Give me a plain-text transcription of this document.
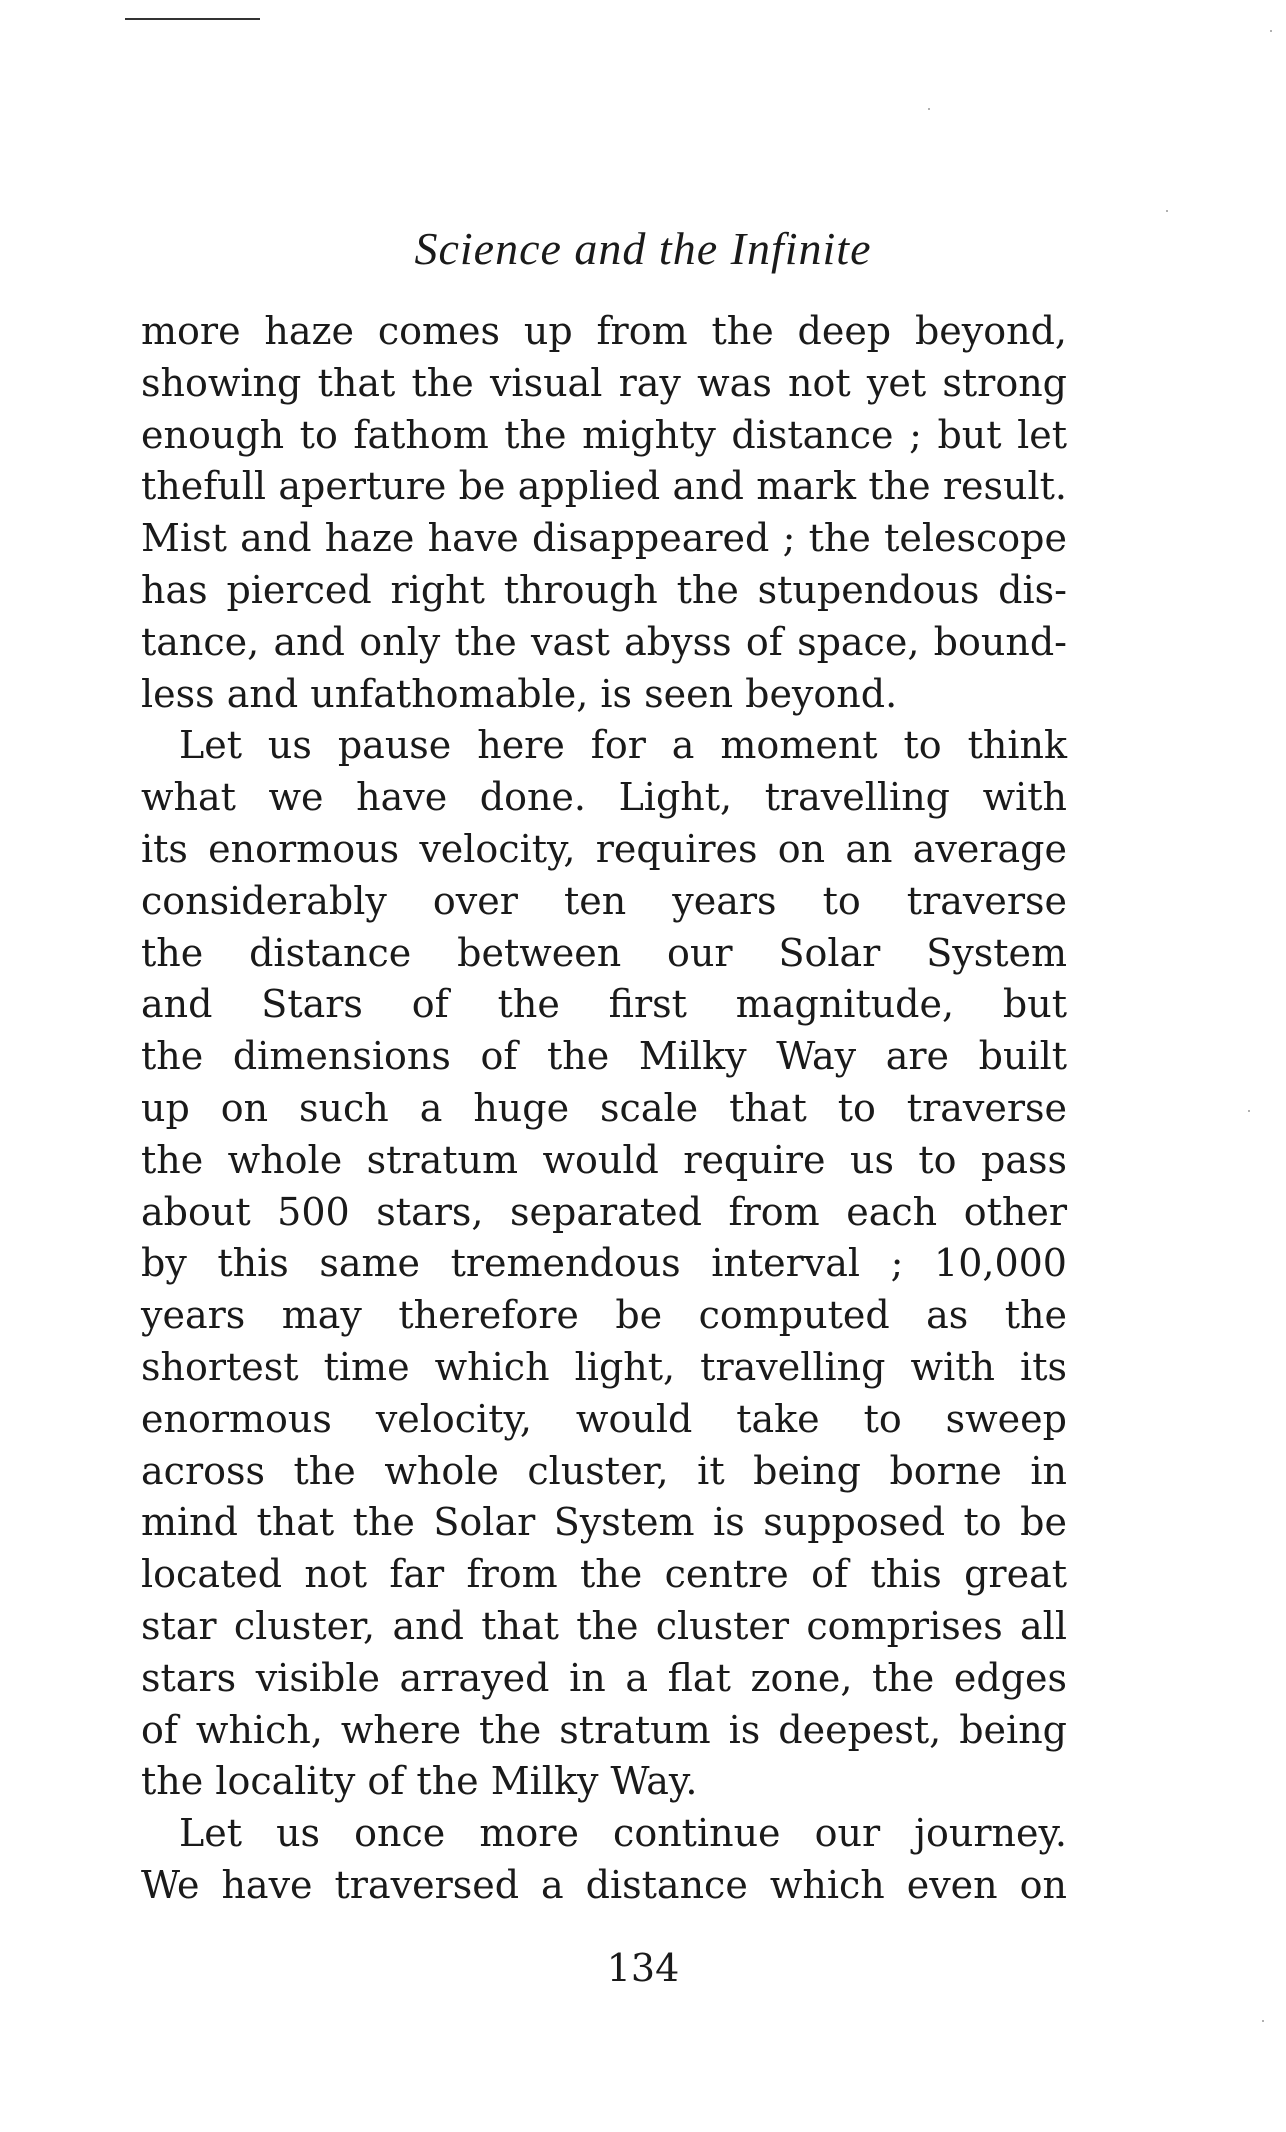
Science and the Infinite
more haze comes up from the deep beyond,
showing that the visual ray was not yet strong
enough to fathom the mighty distance ; but let
thefull aperture be applied and mark the result.
Mist and haze have disappeared ; the telescope
has pierced right through the stupendous dis-
tance, and only the vast abyss of space, bound-
less and unfathomable, is seen beyond.
Let us pause here for a moment to think
what we have done. Light, travelling with
its enormous velocity, requires on an average
considerably over ten years to traverse
the distance between our Solar System
and Stars of the first magnitude, but
the dimensions of the Milky Way are built
up on such a huge scale that to traverse
the whole stratum would require us to pass
about 500 stars, separated from each other
by this same tremendous interval ; 10,000
years may therefore be computed as the
shortest time which light, travelling with its
enormous velocity, would take to sweep
across the whole cluster, it being borne in
mind that the Solar System is supposed to be
located not far from the centre of this great
star cluster, and that the cluster comprises all
stars visible arrayed in a flat zone, the edges
of which, where the stratum is deepest, being
the locality of the Milky Way.
Let us once more continue our journey.
We have traversed a distance which even on
134
